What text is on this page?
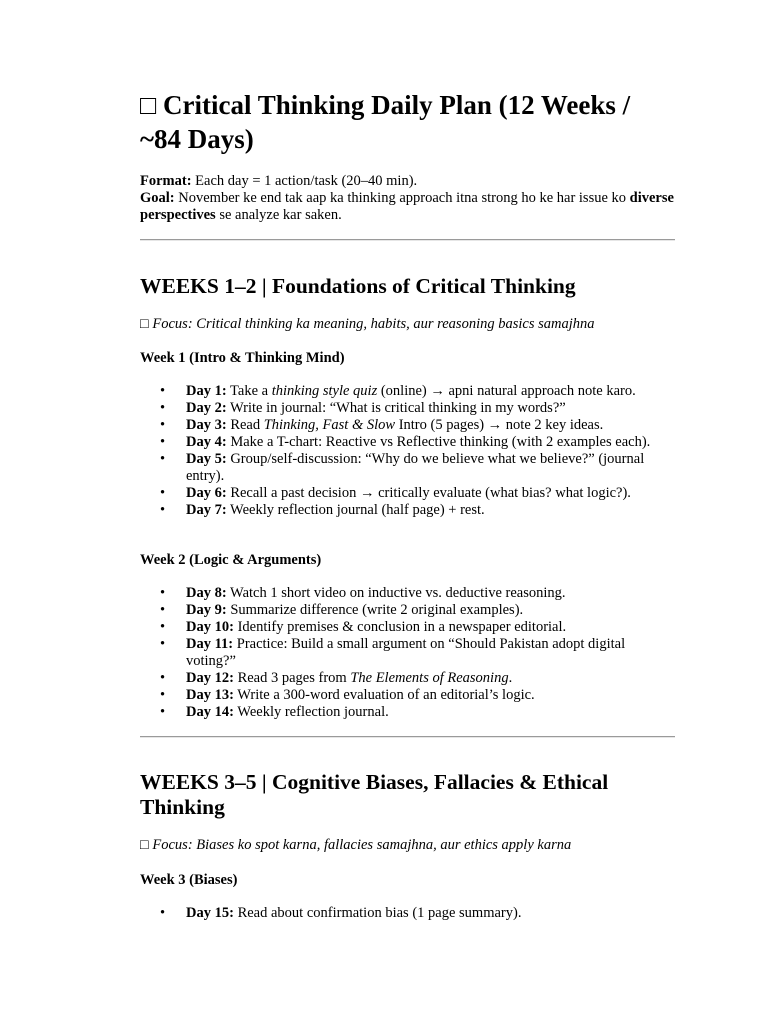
□ Critical Thinking Daily Plan (12 Weeks / ~84 Days)

Format: Each day = 1 action/task (20–40 min).

Goal: November ke end tak aap ka thinking approach itna strong ho ke har issue ko diverse perspectives se analyze kar saken.

WEEKS 1–2 | Foundations of Critical Thinking
□ Focus: Critical thinking ka meaning, habits, aur reasoning basics samajhna
Week 1 (Intro & Thinking Mind)
• Day 1: Take a thinking style quiz (online) → apni natural approach note karo.
• Day 2: Write in journal: “What is critical thinking in my words?”
• Day 3: Read Thinking, Fast & Slow Intro (5 pages) → note 2 key ideas.
• Day 4: Make a T-chart: Reactive vs Reflective thinking (with 2 examples each).
• Day 5: Group/self-discussion: “Why do we believe what we believe?” (journal entry).
• Day 6: Recall a past decision → critically evaluate (what bias? what logic?).
• Day 7: Weekly reflection journal (half page) + rest.
Week 2 (Logic & Arguments)
• Day 8: Watch 1 short video on inductive vs. deductive reasoning.
• Day 9: Summarize difference (write 2 original examples).
• Day 10: Identify premises & conclusion in a newspaper editorial.
• Day 11: Practice: Build a small argument on “Should Pakistan adopt digital voting?”
• Day 12: Read 3 pages from The Elements of Reasoning.
• Day 13: Write a 300-word evaluation of an editorial’s logic.
• Day 14: Weekly reflection journal.
WEEKS 3–5 | Cognitive Biases, Fallacies & Ethical Thinking
□ Focus: Biases ko spot karna, fallacies samajhna, aur ethics apply karna
Week 3 (Biases)
• Day 15: Read about confirmation bias (1 page summary).
